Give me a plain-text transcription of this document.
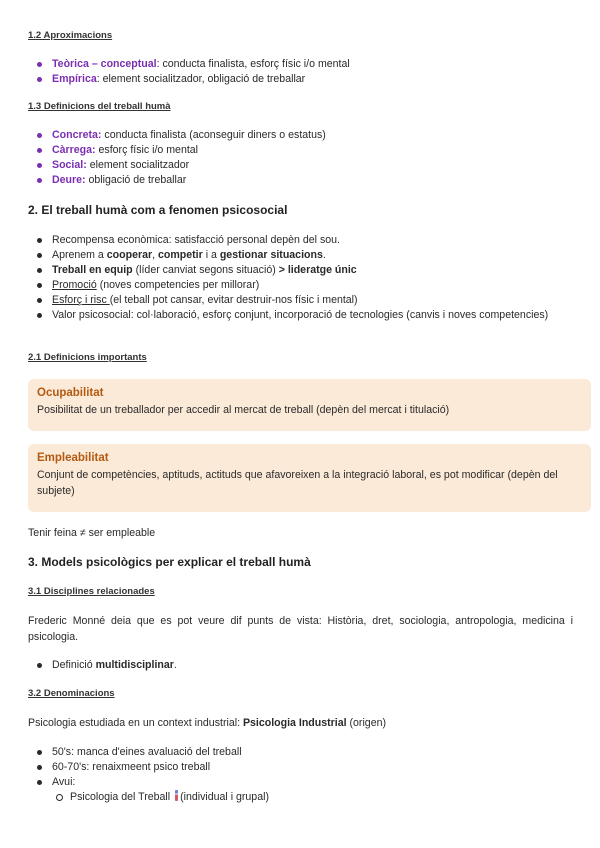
1.2 Aproximacions

Teòrica – conceptual: conducta finalista, esforç físic i/o mental
Empírica: element socialitzador, obligació de treballar

1.3 Definicions del treball humà

Concreta: conducta finalista (aconseguir diners o estatus)
Càrrega: esforç físic i/o mental
Social: element socialitzador
Deure: obligació de treballar

2. El treball humà com a fenomen psicosocial

Recompensa econòmica: satisfacció personal depèn del sou.
Aprenem a cooperar, competir i a gestionar situacions.
Treball en equip (líder canviat segons situació) > lideratge únic
Promoció (noves competencies per millorar)
Esforç i risc (el teball pot cansar, evitar destruir-nos físic i mental)
Valor psicosocial: col·laboració, esforç conjunt, incorporació de tecnologies (canvis i noves competencies)

2.1 Definicions importants

Ocupabilitat

Posibilitat de un treballador per accedir al mercat de treball (depèn del mercat i titulació)

Empleabilitat

Conjunt de competències, aptituds, actituds que afavoreixen a la integració laboral, es pot modificar (depèn del subjete)

Tenir feina ≠ ser empleable

3. Models psicològics per explicar el treball humà

3.1 Disciplines relacionades

Frederic Monné deia que es pot veure dif punts de vista: Història, dret, sociologia, antropologia, medicina i psicologia.

Definició multidisciplinar.

3.2 Denominacions

Psicologia estudiada en un context industrial: Psicologia Industrial (origen)

50's: manca d'eines avaluació del treball
60-70's: renaixmeent psico treball
Avui:
Psicologia del Treball (individual i grupal)
